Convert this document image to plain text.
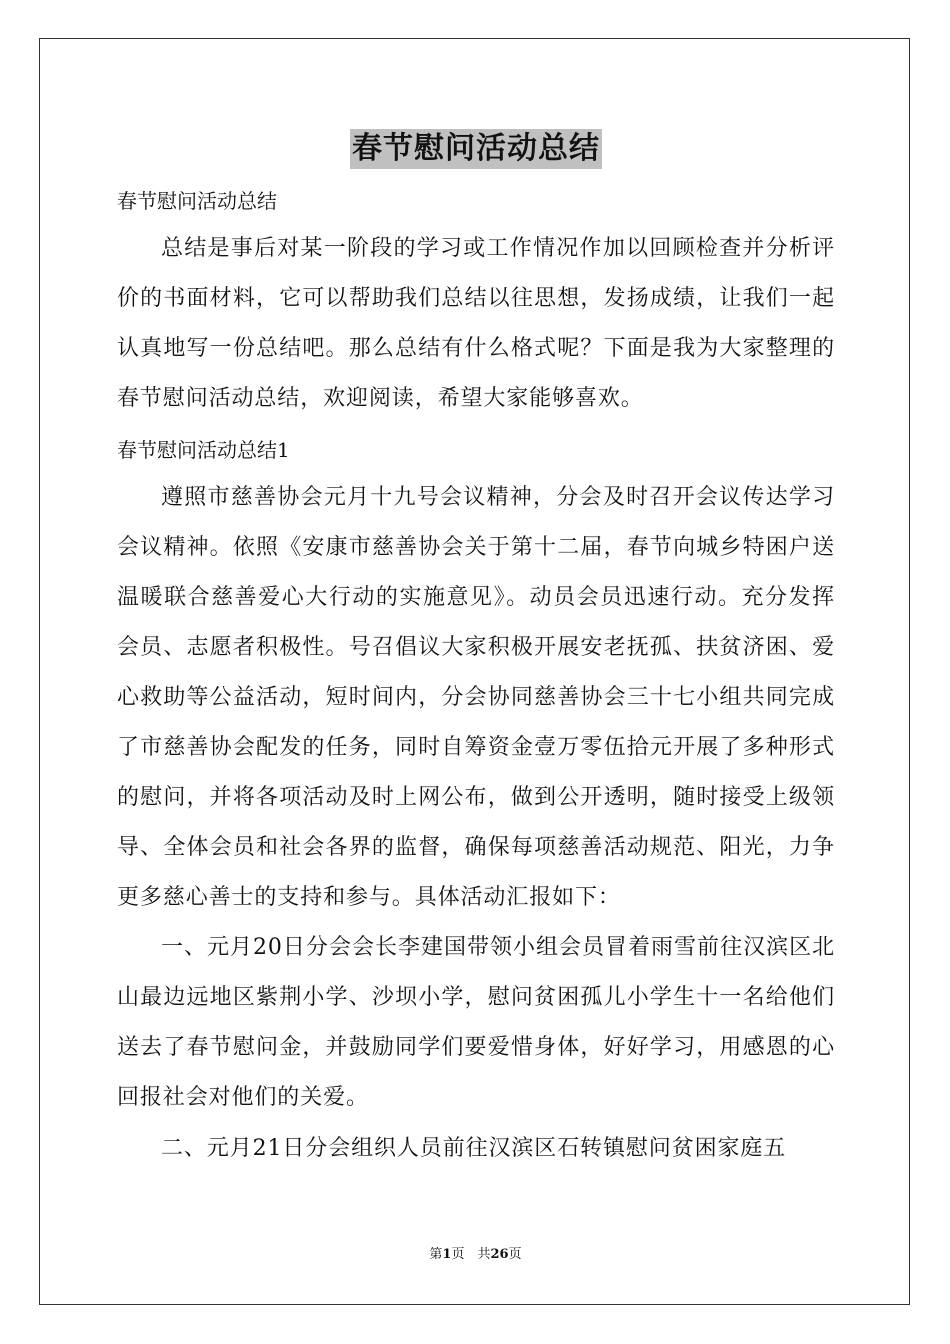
春节慰问活动总结
春节慰问活动总结
总结是事后对某一阶段的学习或工作情况作加以回顾检查并分析评价的书面材料，它可以帮助我们总结以往思想，发扬成绩，让我们一起认真地写一份总结吧。那么总结有什么格式呢？下面是我为大家整理的春节慰问活动总结，欢迎阅读，希望大家能够喜欢。
春节慰问活动总结1
遵照市慈善协会元月十九号会议精神，分会及时召开会议传达学习会议精神。依照《安康市慈善协会关于第十二届，春节向城乡特困户送温暖联合慈善爱心大行动的实施意见》。动员会员迅速行动。充分发挥会员、志愿者积极性。号召倡议大家积极开展安老抚孤、扶贫济困、爱心救助等公益活动，短时间内，分会协同慈善协会三十七小组共同完成了市慈善协会配发的任务，同时自筹资金壹万零伍拾元开展了多种形式的慰问，并将各项活动及时上网公布，做到公开透明，随时接受上级领导、全体会员和社会各界的监督，确保每项慈善活动规范、阳光，力争更多慈心善士的支持和参与。具体活动汇报如下：
一、元月20日分会会长李建国带领小组会员冒着雨雪前往汉滨区北山最边远地区紫荆小学、沙坝小学，慰问贫困孤儿小学生十一名给他们送去了春节慰问金，并鼓励同学们要爱惜身体，好好学习，用感恩的心回报社会对他们的关爱。
二、元月21日分会组织人员前往汉滨区石转镇慰问贫困家庭五
第1页　共26页
